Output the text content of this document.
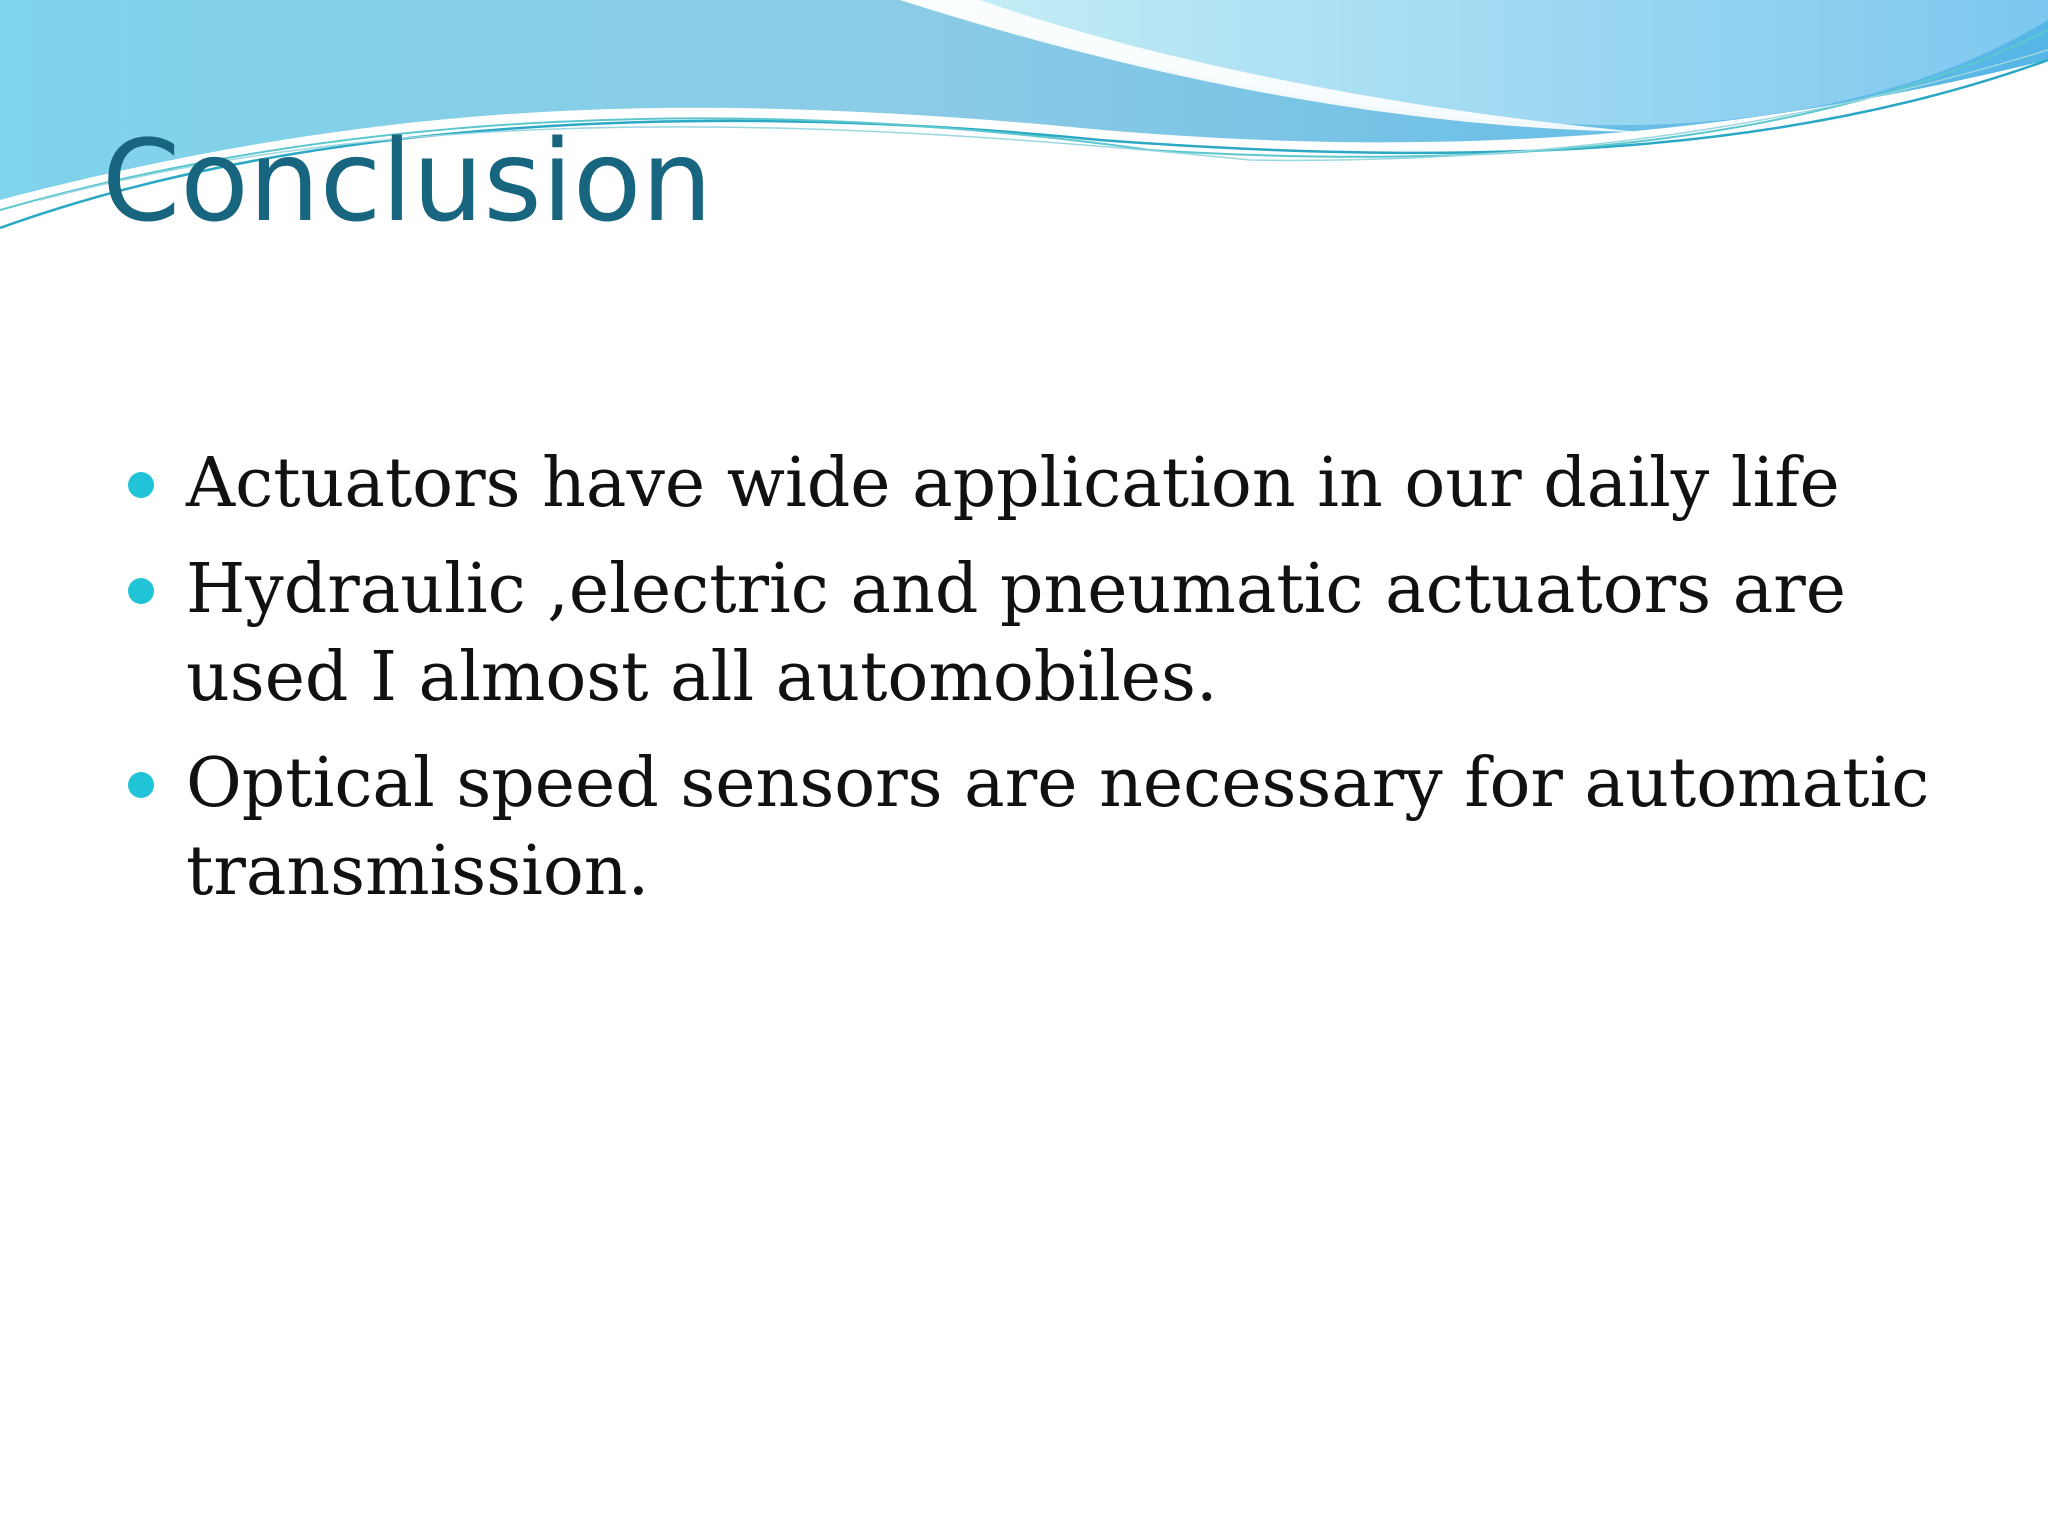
Conclusion
Actuators have wide application in our daily life
Hydraulic ,electric and pneumatic actuators are used I almost all automobiles.
Optical speed sensors are necessary for automatic transmission.
